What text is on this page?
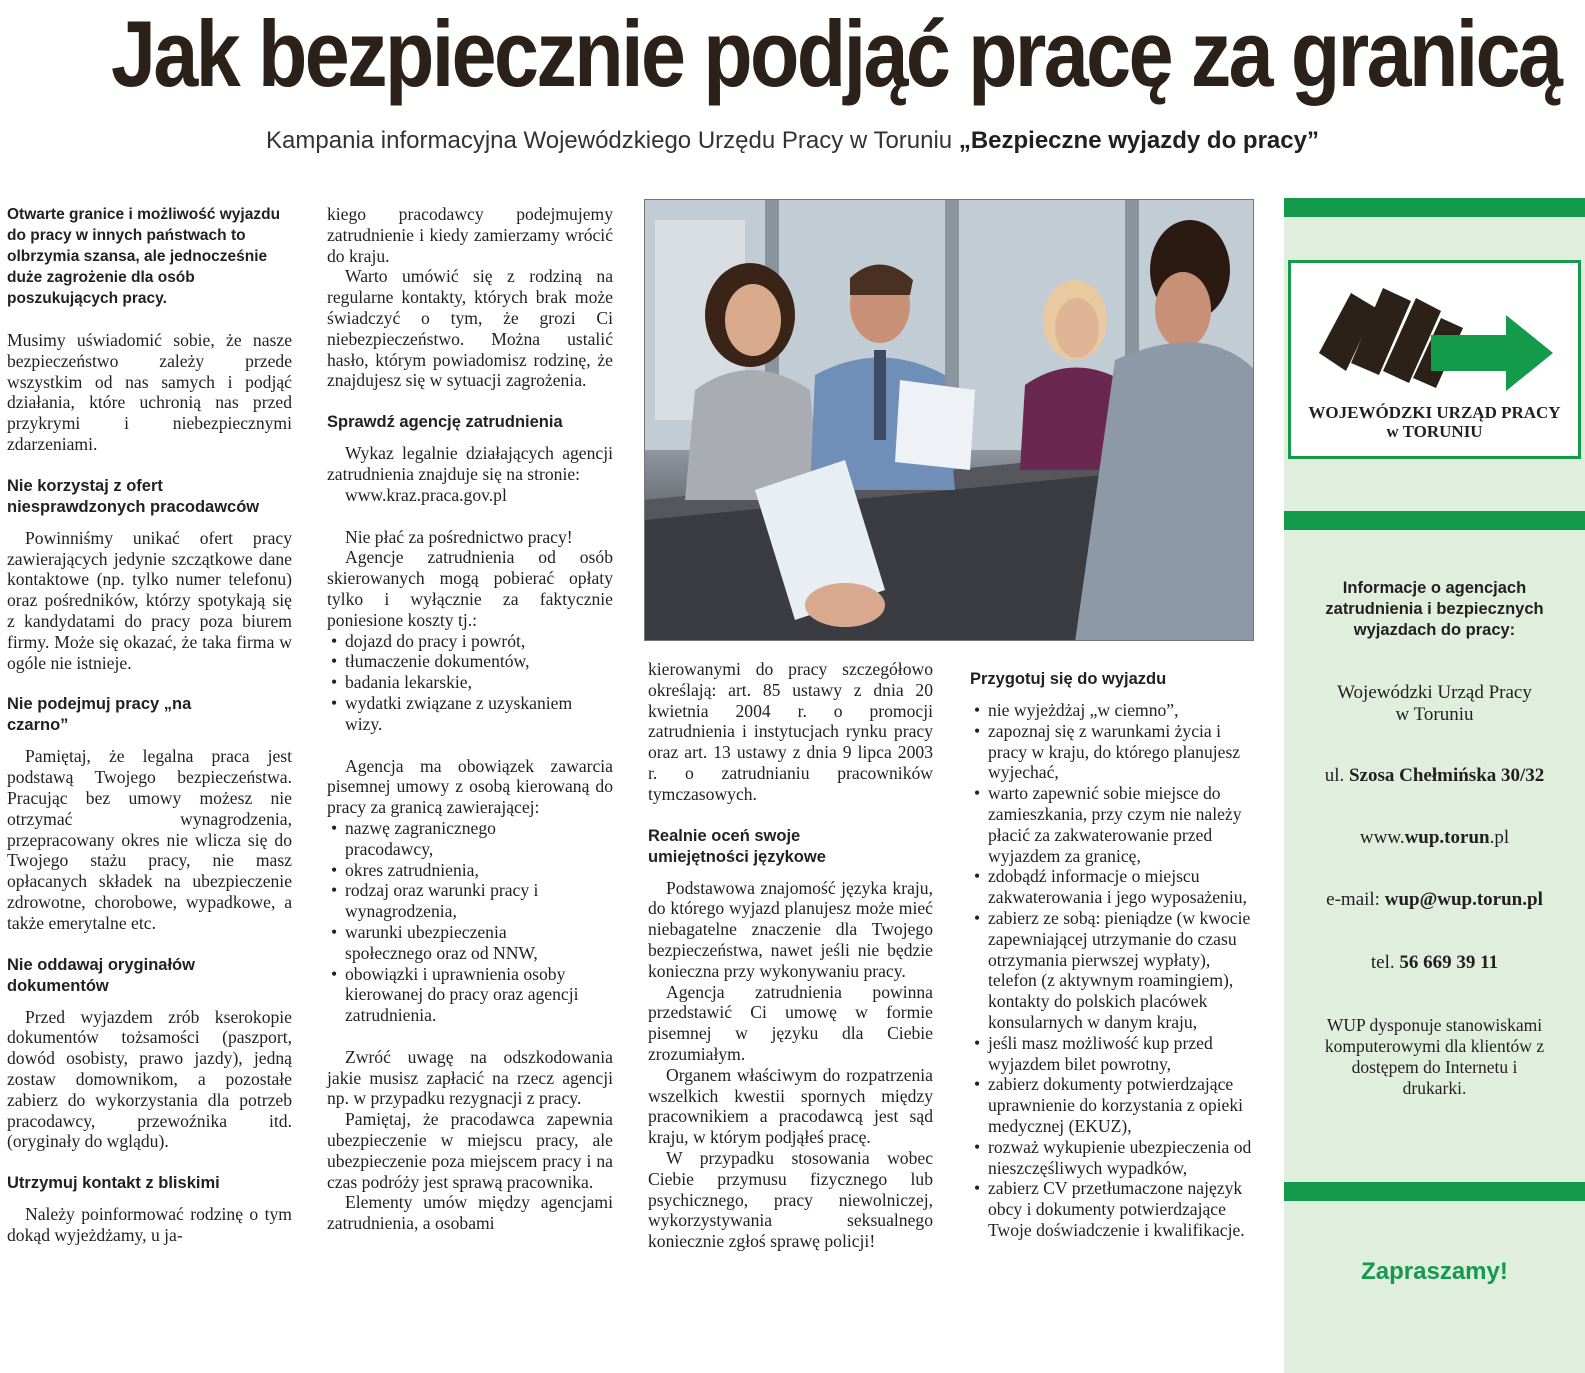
Jak bezpiecznie podjąć pracę za granicą
Kampania informacyjna Wojewódzkiego Urzędu Pracy w Toruniu „Bezpieczne wyjazdy do pracy”

Otwarte granice i możliwość wyjazdu do pracy w innych państwach to olbrzymia szansa, ale jednocześnie duże zagrożenie dla osób poszukujących pracy.

Musimy uświadomić sobie, że nasze bezpieczeństwo zależy przede wszystkim od nas samych i podjąć działania, które uchronią nas przed przykrymi i niebezpiecznymi zdarzeniami.

Nie korzystaj z ofert niesprawdzonych pracodawców

Powinniśmy unikać ofert pracy zawierających jedynie szczątkowe dane kontaktowe (np. tylko numer telefonu) oraz pośredników, którzy spotykają się z kandydatami do pracy poza biurem firmy. Może się okazać, że taka firma w ogóle nie istnieje.

Nie podejmuj pracy „na czarno”

Pamiętaj, że legalna praca jest podstawą Twojego bezpieczeństwa. Pracując bez umowy możesz nie otrzymać wynagrodzenia, przepracowany okres nie wlicza się do Twojego stażu pracy, nie masz opłacanych składek na ubezpieczenie zdrowotne, chorobowe, wypadkowe, a także emerytalne etc.

Nie oddawaj oryginałów dokumentów

Przed wyjazdem zrób kserokopie dokumentów tożsamości (paszport, dowód osobisty, prawo jazdy), jedną zostaw domownikom, a pozostałe zabierz do wykorzystania dla potrzeb pracodawcy, przewoźnika itd. (oryginały do wglądu).

Utrzymuj kontakt z bliskimi

Należy poinformować rodzinę o tym dokąd wyjeżdżamy, u ja-

kiego pracodawcy podejmujemy zatrudnienie i kiedy zamierzamy wrócić do kraju.

Warto umówić się z rodziną na regularne kontakty, których brak może świadczyć o tym, że grozi Ci niebezpieczeństwo. Można ustalić hasło, którym powiadomisz rodzinę, że znajdujesz się w sytuacji zagrożenia.

Sprawdź agencję zatrudnienia

Wykaz legalnie działających agencji zatrudnienia znajduje się na stronie:

www.kraz.praca.gov.pl

Nie płać za pośrednictwo pracy!

Agencje zatrudnienia od osób skierowanych mogą pobierać opłaty tylko i wyłącznie za faktycznie poniesione koszty tj.:

• dojazd do pracy i powrót,
• tłumaczenie dokumentów,
• badania lekarskie,
• wydatki związane z uzyskaniem wizy.

Agencja ma obowiązek zawarcia pisemnej umowy z osobą kierowaną do pracy za granicą zawierającej:

• nazwę zagranicznego pracodawcy,
• okres zatrudnienia,
• rodzaj oraz warunki pracy i wynagrodzenia,
• warunki ubezpieczenia społecznego oraz od NNW,
• obowiązki i uprawnienia osoby kierowanej do pracy oraz agencji zatrudnienia.

Zwróć uwagę na odszkodowania jakie musisz zapłacić na rzecz agencji np. w przypadku rezygnacji z pracy.

Pamiętaj, że pracodawca zapewnia ubezpieczenie w miejscu pracy, ale ubezpieczenie poza miejscem pracy i na czas podróży jest sprawą pracownika.

Elementy umów między agencjami zatrudnienia, a osobami

kierowanymi do pracy szczegółowo określają: art. 85 ustawy z dnia 20 kwietnia 2004 r. o promocji zatrudnienia i instytucjach rynku pracy oraz art. 13 ustawy z dnia 9 lipca 2003 r. o zatrudnianiu pracowników tymczasowych.

Realnie oceń swoje umiejętności językowe

Podstawowa znajomość języka kraju, do którego wyjazd planujesz może mieć niebagatelne znaczenie dla Twojego bezpieczeństwa, nawet jeśli nie będzie konieczna przy wykonywaniu pracy.

Agencja zatrudnienia powinna przedstawić Ci umowę w formie pisemnej w języku dla Ciebie zrozumiałym.

Organem właściwym do rozpatrzenia wszelkich kwestii spornych między pracownikiem a pracodawcą jest sąd kraju, w którym podjąłeś pracę.

W przypadku stosowania wobec Ciebie przymusu fizycznego lub psychicznego, pracy niewolniczej, wykorzystywania seksualnego koniecznie zgłoś sprawę policji!

Przygotuj się do wyjazdu
• nie wyjeżdżaj „w ciemno”,
• zapoznaj się z warunkami życia i pracy w kraju, do którego planujesz wyjechać,
• warto zapewnić sobie miejsce do zamieszkania, przy czym nie należy płacić za zakwaterowanie przed wyjazdem za granicę,
• zdobądź informacje o miejscu zakwaterowania i jego wyposażeniu,
• zabierz ze sobą: pieniądze (w kwocie zapewniającej utrzymanie do czasu otrzymania pierwszej wypłaty), telefon (z aktywnym roamingiem), kontakty do polskich placówek konsularnych w danym kraju,
• jeśli masz możliwość kup przed wyjazdem bilet powrotny,
• zabierz dokumenty potwierdzające uprawnienie do korzystania z opieki medycznej (EKUZ),
• rozważ wykupienie ubezpieczenia od nieszczęśliwych wypadków,
• zabierz CV przetłumaczone najęzyk obcy i dokumenty potwierdzające Twoje doświadczenie i kwalifikacje.
WOJEWÓDZKI URZĄD PRACY
w TORUNIU
Informacje o agencjach zatrudnienia i bezpiecznych wyjazdach do pracy:
Wojewódzki Urząd Pracy
w Toruniu
ul. Szosa Chełmińska 30/32
www.wup.torun.pl
e-mail: wup@wup.torun.pl
tel. 56 669 39 11
WUP dysponuje stanowiskami komputerowymi dla klientów z dostępem do Internetu i drukarki.
Zapraszamy!
